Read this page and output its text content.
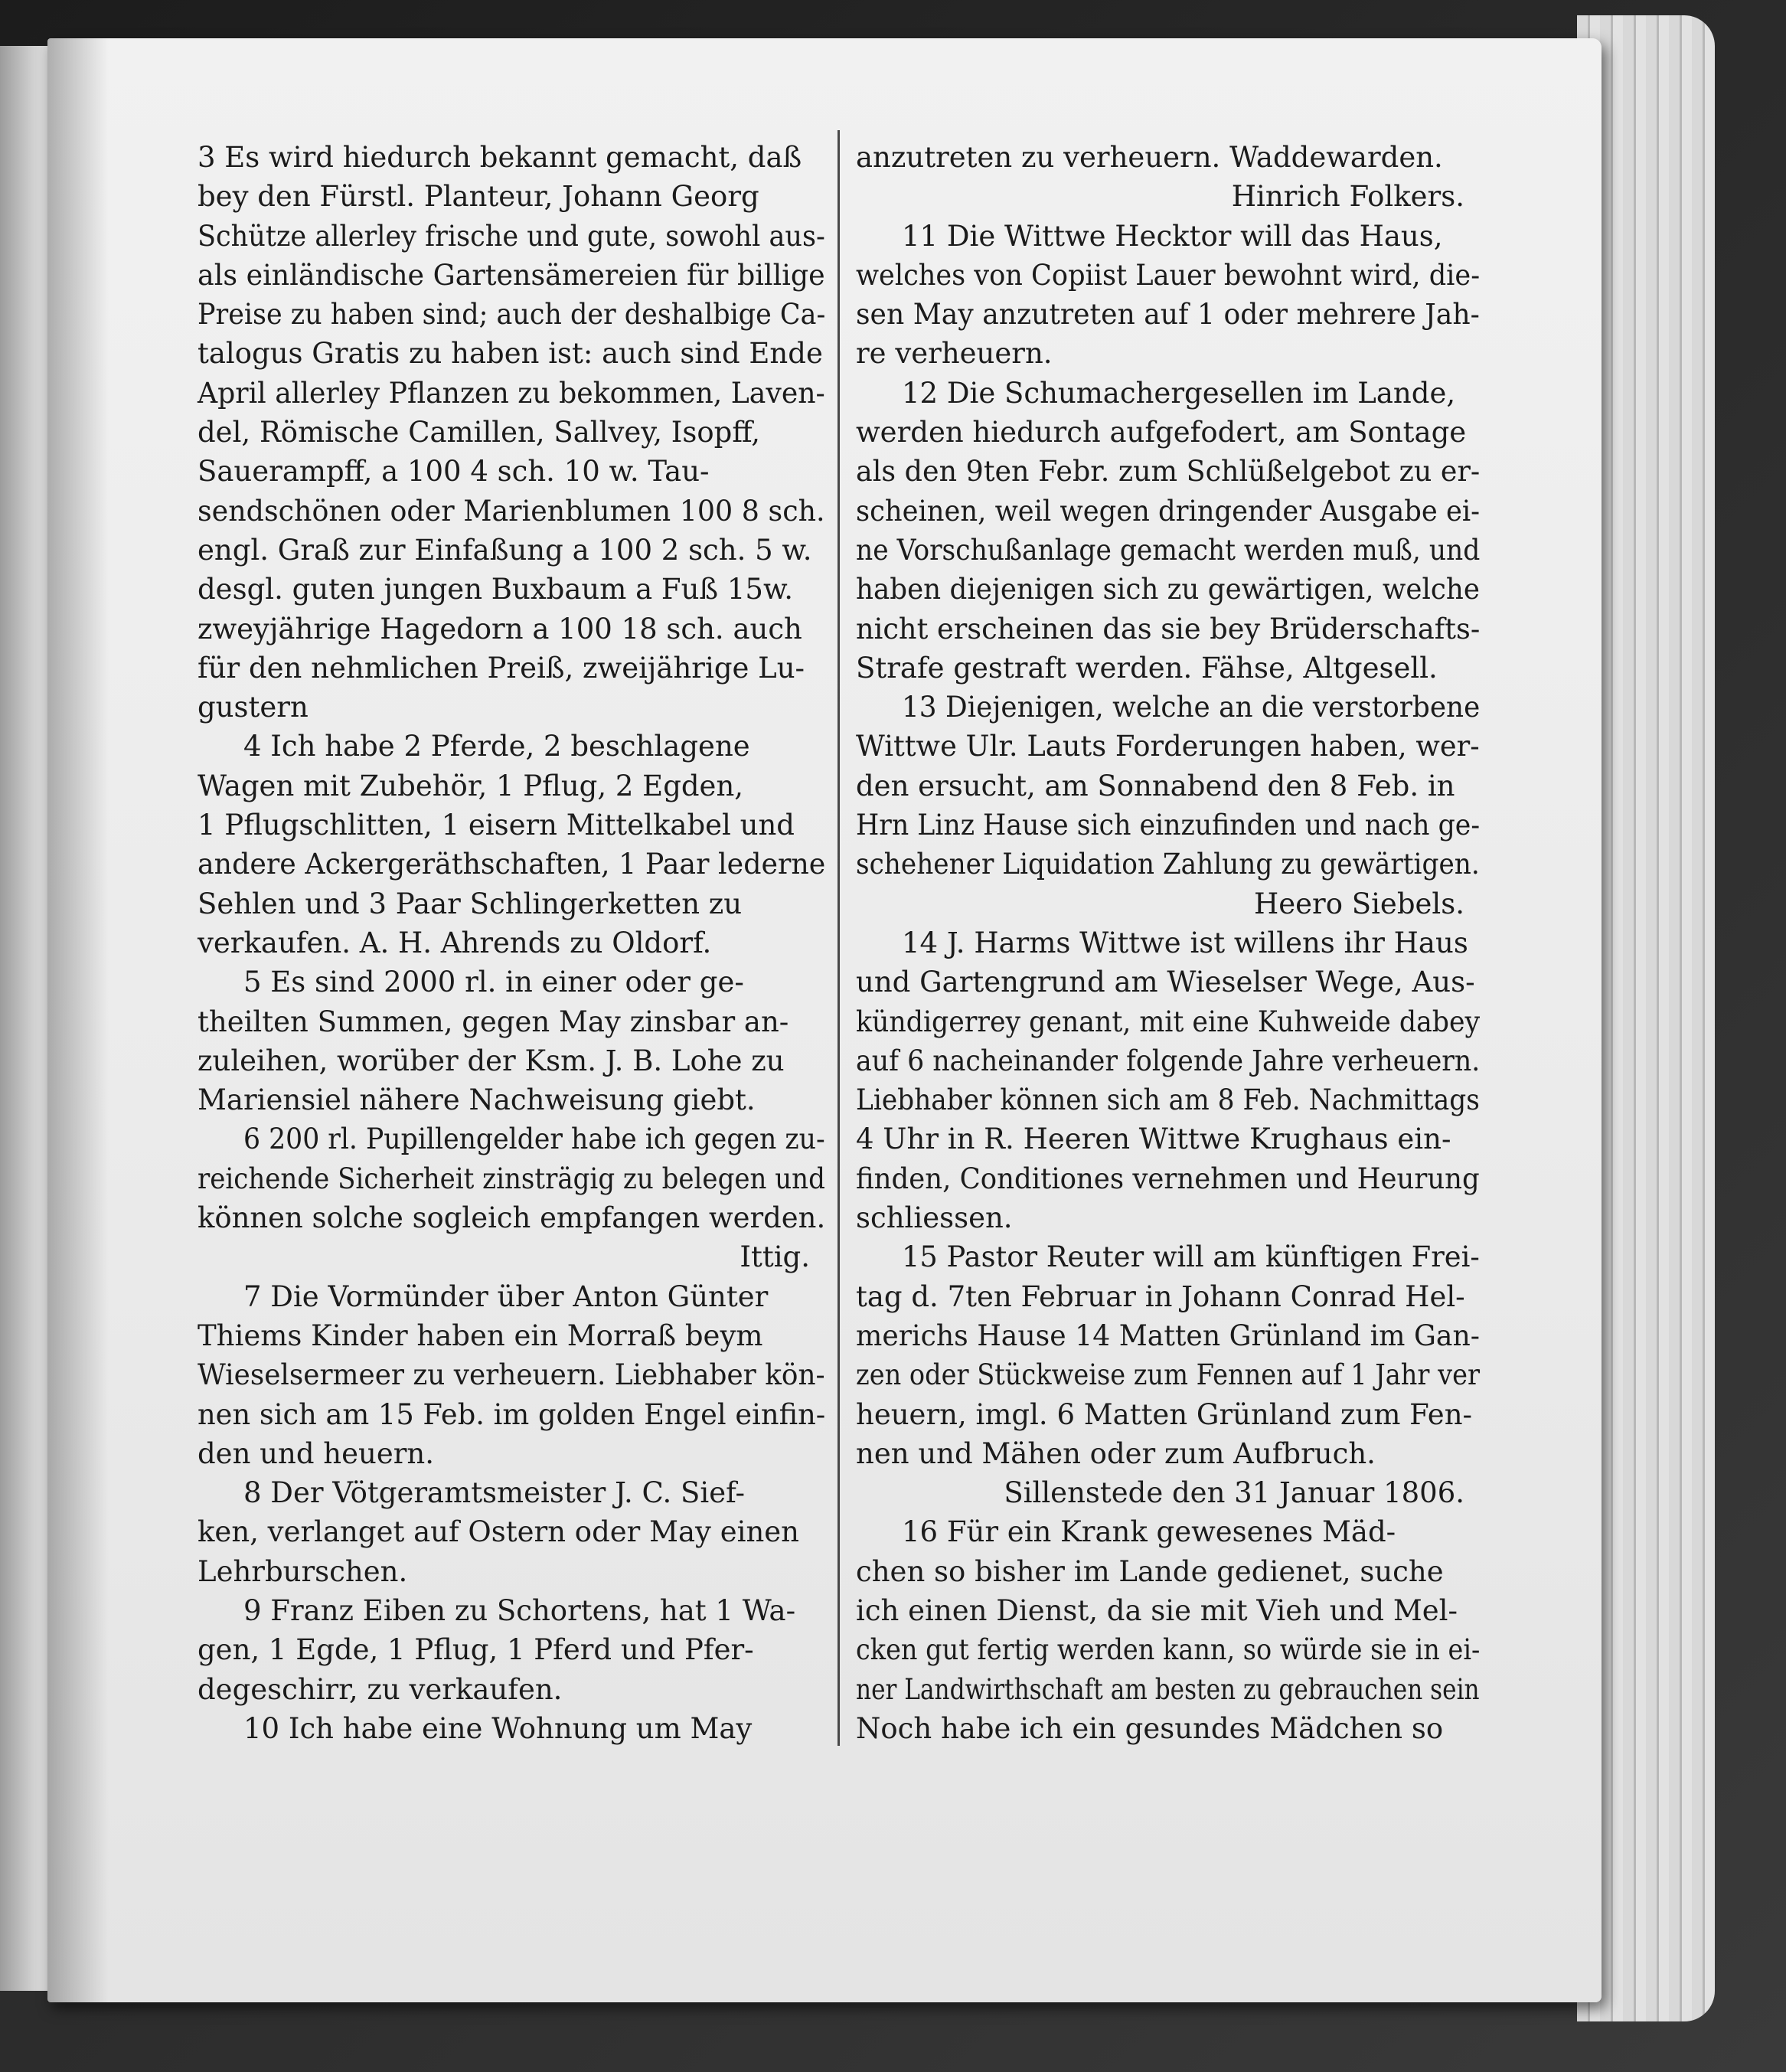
3 Es wird hiedurch bekannt gemacht, daß
bey den Fürstl. Planteur, Johann Georg
Schütze allerley frische und gute, sowohl aus-
als einländische Gartensämereien für billige
Preise zu haben sind; auch der deshalbige Ca-
talogus Gratis zu haben ist: auch sind Ende
April allerley Pflanzen zu bekommen, Laven-
del, Römische Camillen, Sallvey, Isopff,
Sauerampff, a 100 4 sch. 10 w. Tau-
sendschönen oder Marienblumen 100 8 sch.
engl. Graß zur Einfaßung a 100 2 sch. 5 w.
desgl. guten jungen Buxbaum a Fuß 15w.
zweyjährige Hagedorn a 100 18 sch. auch
für den nehmlichen Preiß, zweijährige Lu-
gustern
4 Ich habe 2 Pferde, 2 beschlagene
Wagen mit Zubehör, 1 Pflug, 2 Egden,
1 Pflugschlitten, 1 eisern Mittelkabel und
andere Ackergeräthschaften, 1 Paar lederne
Sehlen und 3 Paar Schlingerketten zu
verkaufen. A. H. Ahrends zu Oldorf.
5 Es sind 2000 rl. in einer oder ge-
theilten Summen, gegen May zinsbar an-
zuleihen, worüber der Ksm. J. B. Lohe zu
Mariensiel nähere Nachweisung giebt.
6 200 rl. Pupillengelder habe ich gegen zu-
reichende Sicherheit zinsträgig zu belegen und
können solche sogleich empfangen werden.
Ittig.
7 Die Vormünder über Anton Günter
Thiems Kinder haben ein Morraß beym
Wieselsermeer zu verheuern. Liebhaber kön-
nen sich am 15 Feb. im golden Engel einfin-
den und heuern.
8 Der Vötgeramtsmeister J. C. Sief-
ken, verlanget auf Ostern oder May einen
Lehrburschen.
9 Franz Eiben zu Schortens, hat 1 Wa-
gen, 1 Egde, 1 Pflug, 1 Pferd und Pfer-
degeschirr, zu verkaufen.
10 Ich habe eine Wohnung um May
anzutreten zu verheuern. Waddewarden.
Hinrich Folkers.
11 Die Wittwe Hecktor will das Haus,
welches von Copiist Lauer bewohnt wird, die-
sen May anzutreten auf 1 oder mehrere Jah-
re verheuern.
12 Die Schumachergesellen im Lande,
werden hiedurch aufgefodert, am Sontage
als den 9ten Febr. zum Schlüßelgebot zu er-
scheinen, weil wegen dringender Ausgabe ei-
ne Vorschußanlage gemacht werden muß, und
haben diejenigen sich zu gewärtigen, welche
nicht erscheinen das sie bey Brüderschafts-
Strafe gestraft werden. Fähse, Altgesell.
13 Diejenigen, welche an die verstorbene
Wittwe Ulr. Lauts Forderungen haben, wer-
den ersucht, am Sonnabend den 8 Feb. in
Hrn Linz Hause sich einzufinden und nach ge-
schehener Liquidation Zahlung zu gewärtigen.
Heero Siebels.
14 J. Harms Wittwe ist willens ihr Haus
und Gartengrund am Wieselser Wege, Aus-
kündigerrey genant, mit eine Kuhweide dabey
auf 6 nacheinander folgende Jahre verheuern.
Liebhaber können sich am 8 Feb. Nachmittags
4 Uhr in R. Heeren Wittwe Krughaus ein-
finden, Conditiones vernehmen und Heurung
schliessen.
15 Pastor Reuter will am künftigen Frei-
tag d. 7ten Februar in Johann Conrad Hel-
merichs Hause 14 Matten Grünland im Gan-
zen oder Stückweise zum Fennen auf 1 Jahr ver
heuern, imgl. 6 Matten Grünland zum Fen-
nen und Mähen oder zum Aufbruch.
Sillenstede den 31 Januar 1806.
16 Für ein Krank gewesenes Mäd-
chen so bisher im Lande gedienet, suche
ich einen Dienst, da sie mit Vieh und Mel-
cken gut fertig werden kann, so würde sie in ei-
ner Landwirthschaft am besten zu gebrauchen sein
Noch habe ich ein gesundes Mädchen so
